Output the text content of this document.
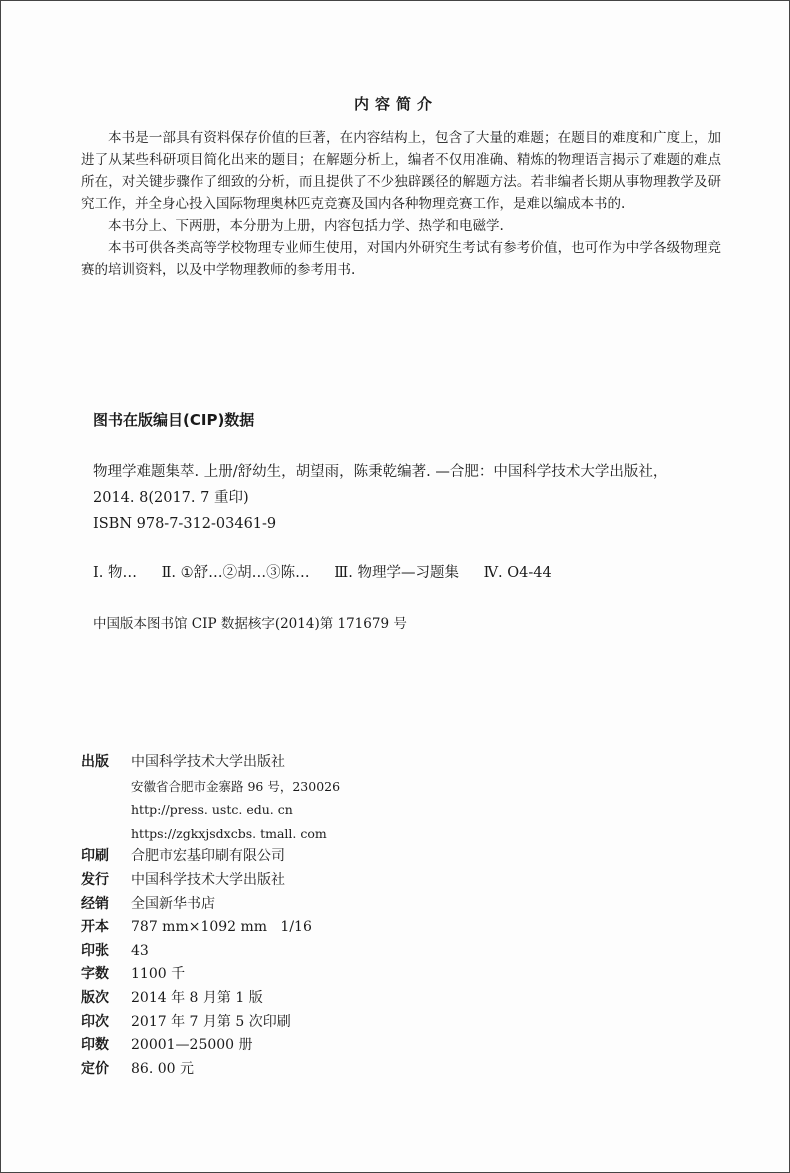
内容简介

本书是一部具有资料保存价值的巨著，在内容结构上，包含了大量的难题；在题目的难度和广度上，加进了从某些科研项目简化出来的题目；在解题分析上，编者不仅用准确、精炼的物理语言揭示了难题的难点所在，对关键步骤作了细致的分析，而且提供了不少独辟蹊径的解题方法。若非编者长期从事物理教学及研究工作，并全身心投入国际物理奥林匹克竞赛及国内各种物理竞赛工作，是难以编成本书的.

本书分上、下两册，本分册为上册，内容包括力学、热学和电磁学.

本书可供各类高等学校物理专业师生使用，对国内外研究生考试有参考价值，也可作为中学各级物理竞赛的培训资料，以及中学物理教师的参考用书.

图书在版编目(CIP)数据
物理学难题集萃. 上册/舒幼生，胡望雨，陈秉乾编著. —合肥：中国科学技术大学出版社，
2014. 8(2017. 7 重印)
ISBN 978-7-312-03461-9
Ⅰ. 物… Ⅱ. ①舒…②胡…③陈… Ⅲ. 物理学—习题集 Ⅳ. O4-44
中国版本图书馆 CIP 数据核字(2014)第 171679 号
出版	中国科学技术大学出版社
安徽省合肥市金寨路 96 号，230026
http://press. ustc. edu. cn
https://zgkxjsdxcbs. tmall. com
印刷	合肥市宏基印刷有限公司
发行	中国科学技术大学出版社
经销	全国新华书店
开本	787 mm×1092 mm   1/16
印张	43
字数	1100 千
版次	2014 年 8 月第 1 版
印次	2017 年 7 月第 5 次印刷
印数	20001—25000 册
定价	86. 00 元
